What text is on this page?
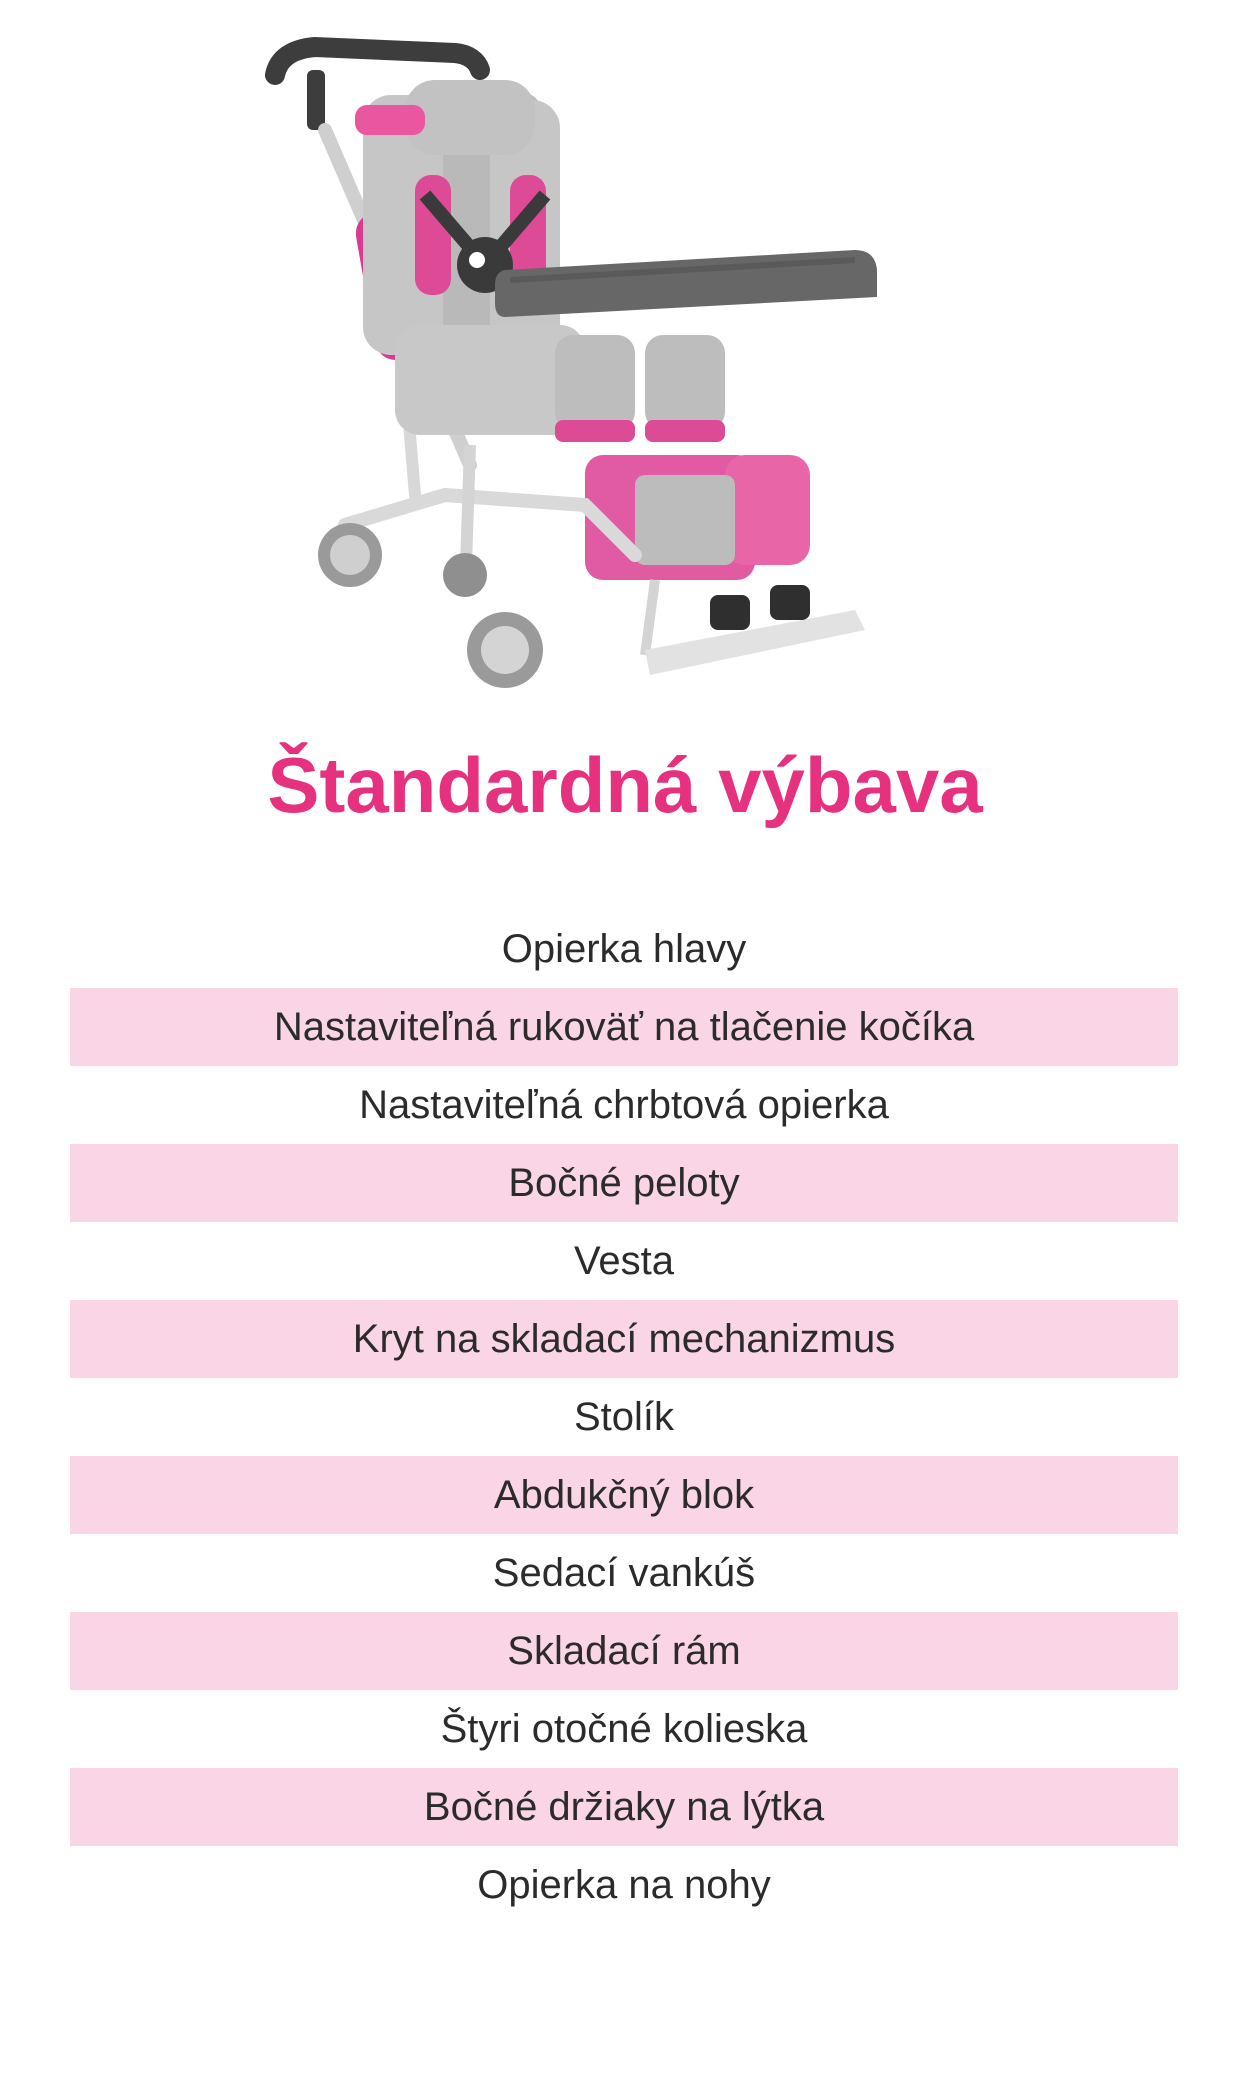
Štandardná výbava
Opierka hlavy
Nastaviteľná rukoväť na tlačenie kočíka
Nastaviteľná chrbtová opierka
Bočné peloty
Vesta
Kryt na skladací mechanizmus
Stolík
Abdukčný blok
Sedací vankúš
Skladací rám
Štyri otočné kolieska
Bočné držiaky na lýtka
Opierka na nohy
